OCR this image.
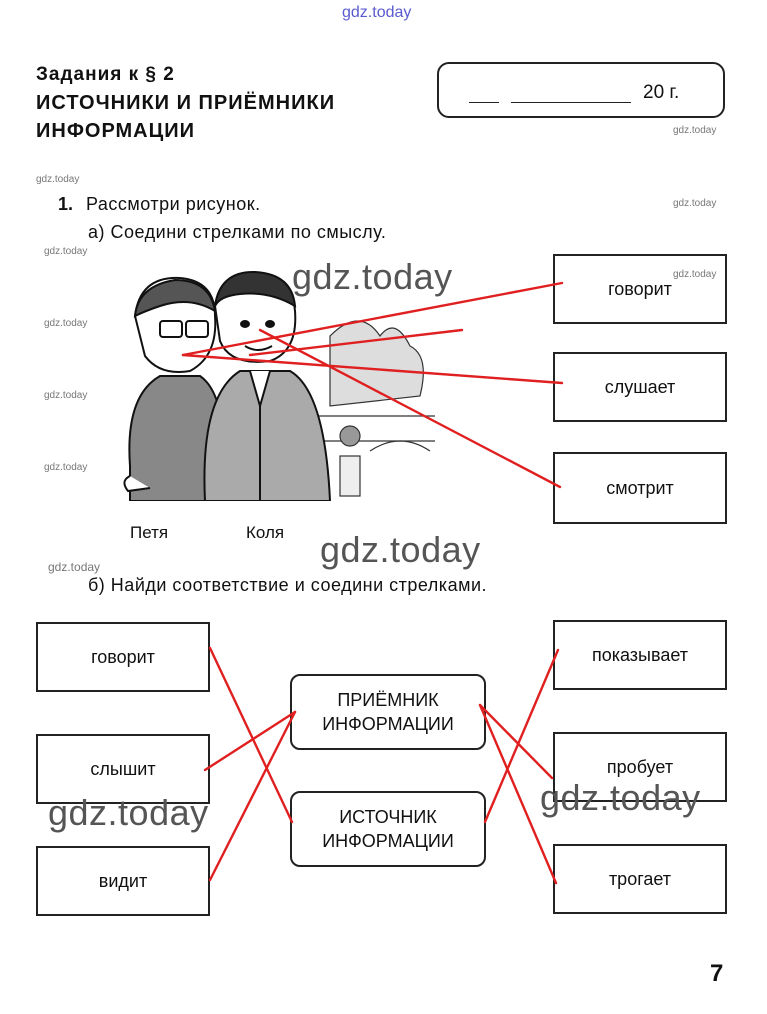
gdz.today
Задания к § 2
ИСТОЧНИКИ И ПРИЁМНИКИ
ИНФОРМАЦИИ
20 г.
gdz.today
gdz.today
gdz.today
gdz.today
gdz.today
gdz.today
gdz.today
gdz.today
1. Рассмотри рисунок.
а) Соедини стрелками по смыслу.
Петя	Коля
говорит
слушает
смотрит
gdz.today
б) Найди соответствие и соедини стрелками.
говорит
слышит
видит
ПРИЁМНИК
ИНФОРМАЦИИ
ИСТОЧНИК
ИНФОРМАЦИИ
показывает
пробует
трогает
gdz.today
gdz.today
gdz.today	gdz.today
7
